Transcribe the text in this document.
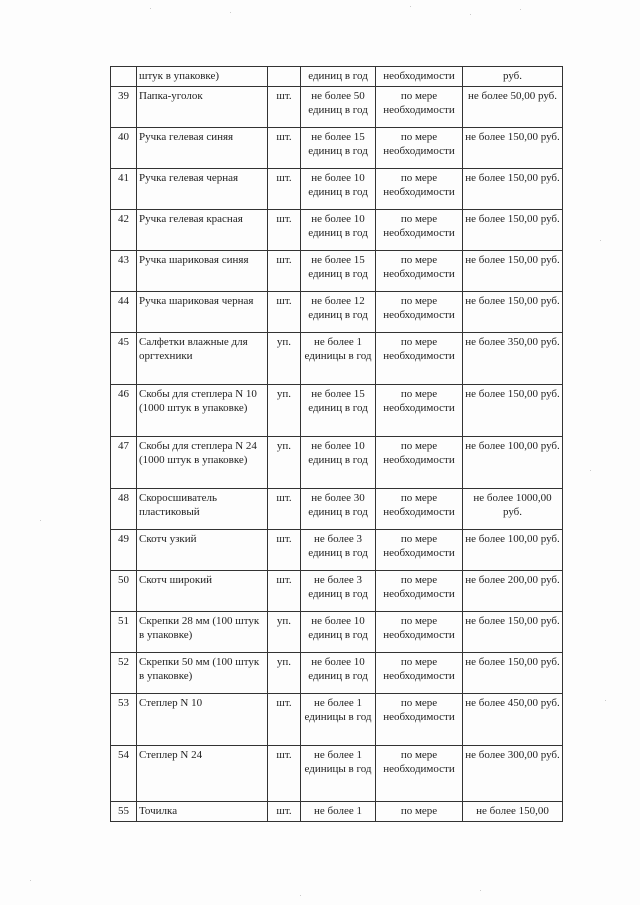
	штук в упаковке)		единиц в год	необходимости	руб.
39	Папка-уголок	шт.	не более 50 единиц в год	по мере необходимости	не более 50,00 руб.
40	Ручка гелевая синяя	шт.	не более 15 единиц в год	по мере необходимости	не более 150,00 руб.
41	Ручка гелевая черная	шт.	не более 10 единиц в год	по мере необходимости	не более 150,00 руб.
42	Ручка гелевая красная	шт.	не более 10 единиц в год	по мере необходимости	не более 150,00 руб.
43	Ручка шариковая синяя	шт.	не более 15 единиц в год	по мере необходимости	не более 150,00 руб.
44	Ручка шариковая черная	шт.	не более 12 единиц в год	по мере необходимости	не более 150,00 руб.
45	Салфетки влажные для оргтехники	уп.	не более 1 единицы в год	по мере необходимости	не более 350,00 руб.
46	Скобы для степлера N 10 (1000 штук в упаковке)	уп.	не более 15 единиц в год	по мере необходимости	не более 150,00 руб.
47	Скобы для степлера N 24 (1000 штук в упаковке)	уп.	не более 10 единиц в год	по мере необходимости	не более 100,00 руб.
48	Скоросшиватель пластиковый	шт.	не более 30 единиц в год	по мере необходимости	не более 1000,00 руб.
49	Скотч узкий	шт.	не более 3 единиц в год	по мере необходимости	не более 100,00 руб.
50	Скотч широкий	шт.	не более 3 единиц в год	по мере необходимости	не более 200,00 руб.
51	Скрепки 28 мм (100 штук в упаковке)	уп.	не более 10 единиц в год	по мере необходимости	не более 150,00 руб.
52	Скрепки 50 мм (100 штук в упаковке)	уп.	не более 10 единиц в год	по мере необходимости	не более 150,00 руб.
53	Степлер N 10	шт.	не более 1 единицы в год	по мере необходимости	не более 450,00 руб.
54	Степлер N 24	шт.	не более 1 единицы в год	по мере необходимости	не более 300,00 руб.
55	Точилка	шт.	не более 1	по мере	не более 150,00
